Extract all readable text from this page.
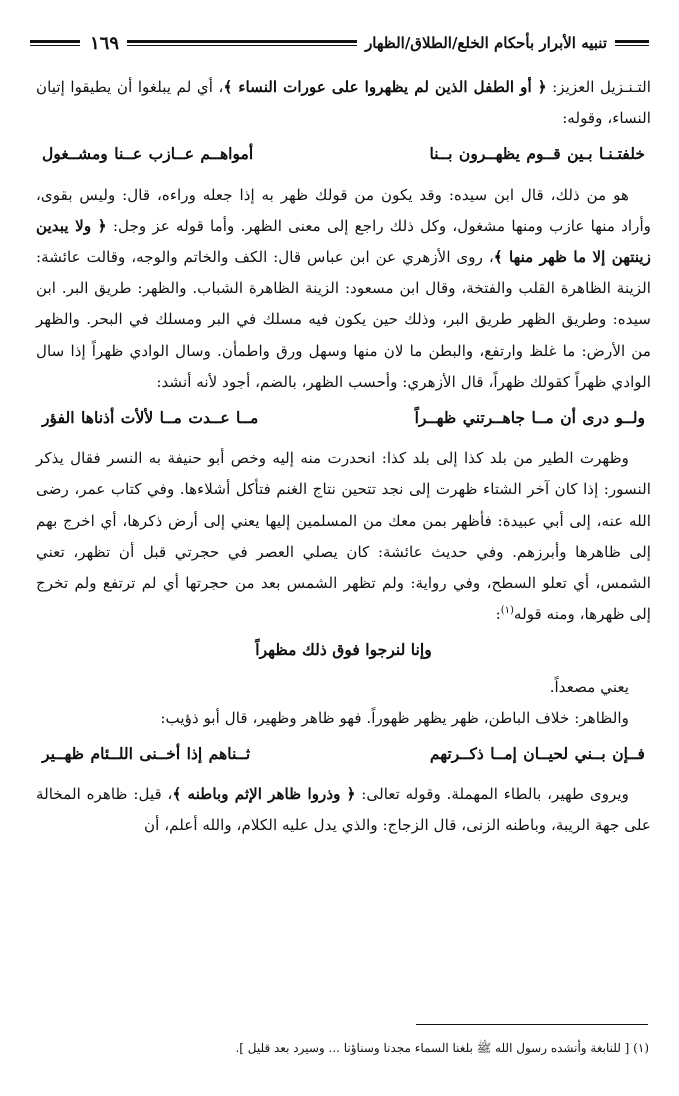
تنبيه الأبرار بأحكام الخلع/الطلاق/الظهار
١٦٩

التـنـزيل العزيز: ﴿ أو الطفل الذين لم يظهروا على عورات النساء ﴾، أي لم يبلغوا أن يطيقوا إتيان النساء، وقوله:

خلفتـنـا بـين قــوم يظهــرون بــنا
أمواهــم عــازب عــنا ومشــغول

هو من ذلك، قال ابن سيده: وقد يكون من قولك ظهر به إذا جعله وراءه، قال: وليس بقوى، وأراد منها عازب ومنها مشغول، وكل ذلك راجع إلى معنى الظهر. وأما قوله عز وجل: ﴿ ولا يبدين زينتهن إلا ما ظهر منها ﴾، روى الأزهري عن ابن عباس قال: الكف والخاتم والوجه، وقالت عائشة: الزينة الظاهرة القلب والفتخة، وقال ابن مسعود: الزينة الظاهرة الشباب. والظهر: طريق البر. ابن سيده: وطريق الظهر طريق البر، وذلك حين يكون فيه مسلك في البر ومسلك في البحر. والظهر من الأرض: ما غلظ وارتفع، والبطن ما لان منها وسهل ورق واطمأن. وسال الوادي ظهراً إذا سال الوادي ظهراً كقولك ظهراً، قال الأزهري: وأحسب الظهر، بالضم، أجود لأنه أنشد:

ولــو درى أن مــا جاهــرتني ظهــراً
مــا عــدت مــا لألأت أذناها الفؤر

وظهرت الطير من بلد كذا إلى بلد كذا: انحدرت منه إليه وخص أبو حنيفة به النسر فقال يذكر النسور: إذا كان آخر الشتاء ظهرت إلى نجد تتحين نتاج الغنم فتأكل أشلاءها. وفي كتاب عمر، رضى الله عنه، إلى أبي عبيدة: فأظهر بمن معك من المسلمين إليها يعني إلى أرض ذكرها، أي اخرج بهم إلى ظاهرها وأبرزهم. وفي حديث عائشة: كان يصلي العصر في حجرتي قبل أن تظهر، تعني الشمس، أي تعلو السطح، وفي رواية: ولم تظهر الشمس بعد من حجرتها أي لم ترتفع ولم تخرج إلى ظهرها، ومنه قوله$^{(١)}$:

وإنا لنرجوا فوق ذلك مظهراً

يعني مصعداً.

والظاهر: خلاف الباطن، ظهر يظهر ظهوراً. فهو ظاهر وظهير، قال أبو ذؤيب:

فــإن بــني لحيــان إمــا ذكــرتهم
ثــناهم إذا أخــنى اللــئام ظهــير

ويروى طهير، بالطاء المهملة. وقوله تعالى: ﴿ وذروا ظاهر الإثم وباطنه ﴾، قيل: ظاهره المخالة على جهة الريبة، وباطنه الزنى، قال الزجاج: والذي يدل عليه الكلام، والله أعلم، أن

(١) [ للنابغة وأنشده رسول الله ﷺ بلغنا السماء مجدنا وسناؤنا ... وسيرد بعد قليل ].
